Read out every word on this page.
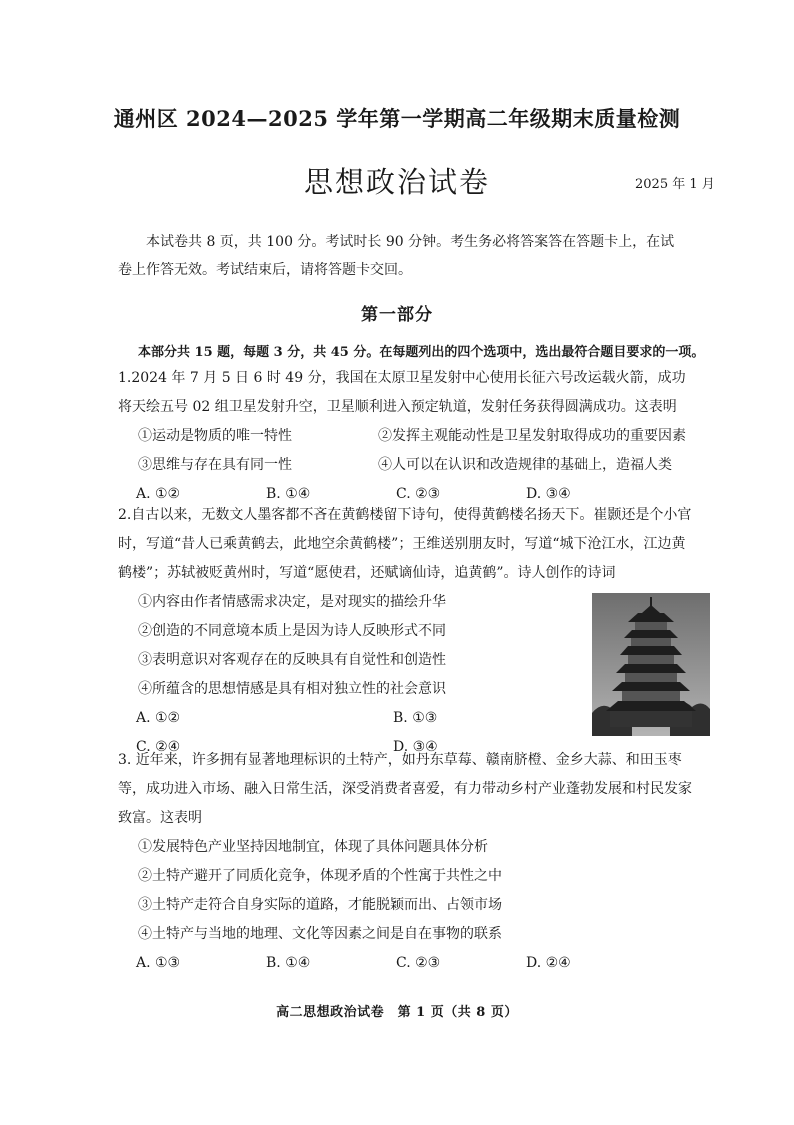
通州区 2024—2025 学年第一学期高二年级期末质量检测
思想政治试卷	2025 年 1 月

本试卷共 8 页，共 100 分。考试时长 90 分钟。考生务必将答案答在答题卡上，在试卷上作答无效。考试结束后，请将答题卡交回。

第一部分
本部分共 15 题，每题 3 分，共 45 分。在每题列出的四个选项中，选出最符合题目要求的一项。

1.2024 年 7 月 5 日 6 时 49 分，我国在太原卫星发射中心使用长征六号改运载火箭，成功将天绘五号 02 组卫星发射升空，卫星顺利进入预定轨道，发射任务获得圆满成功。这表明

①运动是物质的唯一特性	②发挥主观能动性是卫星发射取得成功的重要因素
③思维与存在具有同一性	④人可以在认识和改造规律的基础上，造福人类
A. ①②	B. ①④	C. ②③	D. ③④

2.自古以来，无数文人墨客都不吝在黄鹤楼留下诗句，使得黄鹤楼名扬天下。崔颢还是个小官时，写道“昔人已乘黄鹤去，此地空余黄鹤楼”；王维送别朋友时，写道“城下沧江水，江边黄鹤楼”；苏轼被贬黄州时，写道“愿使君，还赋谪仙诗，追黄鹤”。诗人创作的诗词

①内容由作者情感需求决定，是对现实的描绘升华
②创造的不同意境本质上是因为诗人反映形式不同
③表明意识对客观存在的反映具有自觉性和创造性
④所蕴含的思想情感是具有相对独立性的社会意识
A. ①②	B. ①③
C. ②④	D. ③④

3. 近年来，许多拥有显著地理标识的土特产，如丹东草莓、赣南脐橙、金乡大蒜、和田玉枣等，成功进入市场、融入日常生活，深受消费者喜爱，有力带动乡村产业蓬勃发展和村民发家致富。这表明

①发展特色产业坚持因地制宜，体现了具体问题具体分析
②土特产避开了同质化竞争，体现矛盾的个性寓于共性之中
③土特产走符合自身实际的道路，才能脱颖而出、占领市场
④土特产与当地的地理、文化等因素之间是自在事物的联系
A. ①③	B. ①④	C. ②③	D. ②④
高二思想政治试卷　第 1 页（共 8 页）
